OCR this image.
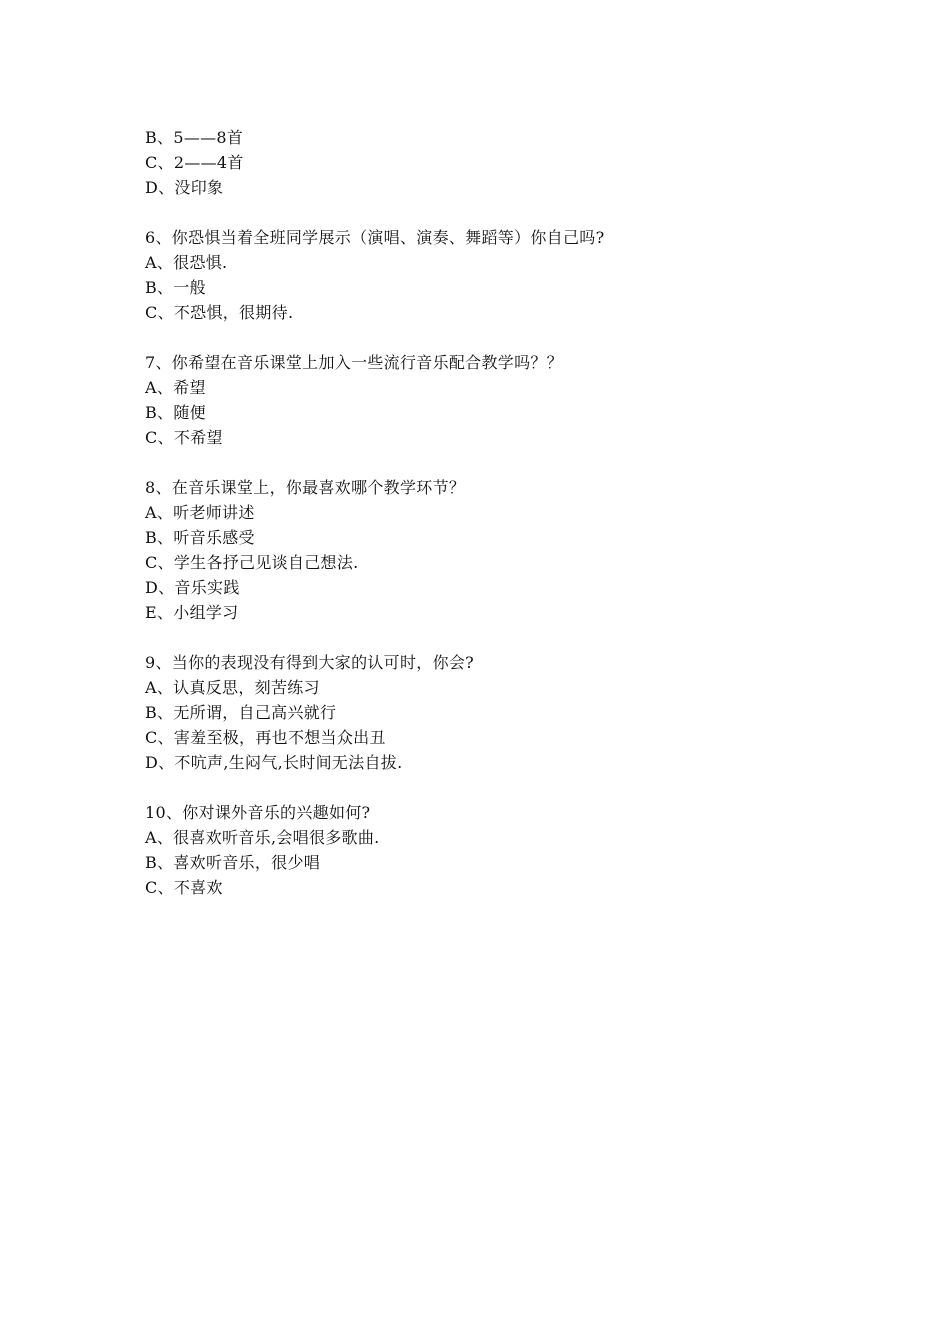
B、5——8首
C、2——4首
D、没印象
6、你恐惧当着全班同学展示（演唱、演奏、舞蹈等）你自己吗?
A、很恐惧.
B、一般
C、不恐惧，很期待.
7、你希望在音乐课堂上加入一些流行音乐配合教学吗？？
A、希望
B、随便
C、不希望
8、在音乐课堂上，你最喜欢哪个教学环节？
A、听老师讲述
B、听音乐感受
C、学生各抒己见谈自己想法.
D、音乐实践
E、小组学习
9、当你的表现没有得到大家的认可时，你会?
A、认真反思，刻苦练习
B、无所谓，自己高兴就行
C、害羞至极，再也不想当众出丑
D、不吭声,生闷气,长时间无法自拔.
10、你对课外音乐的兴趣如何?
A、很喜欢听音乐,会唱很多歌曲.
B、喜欢听音乐，很少唱
C、不喜欢
